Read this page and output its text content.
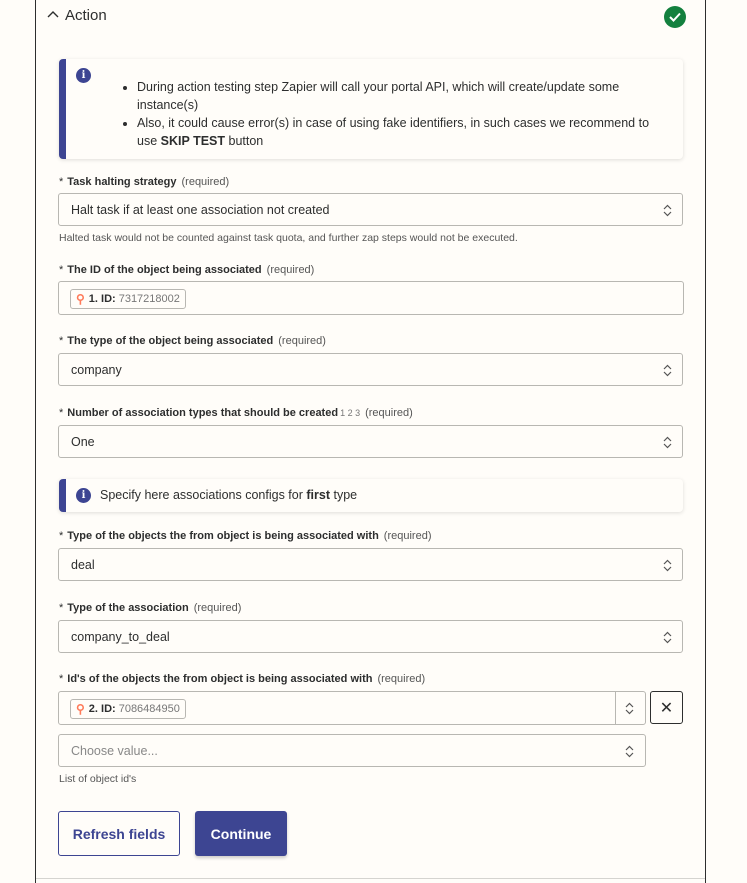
Action
i
• During action testing step Zapier will call your portal API, which will create/update some instance(s)
• Also, it could cause error(s) in case of using fake identifiers, in such cases we recommend to use SKIP TEST button
* Task halting strategy (required)
Halt task if at least one association not created
Halted task would not be counted against task quota, and further zap steps would not be executed.
* The ID of the object being associated (required)
⚲ 1. ID: 7317218002
* The type of the object being associated (required)
company
* Number of association types that should be created 1 2 3 (required)
One
i	Specify here associations configs for first type
* Type of the objects the from object is being associated with (required)
deal
* Type of the association (required)
company_to_deal
* Id's of the objects the from object is being associated with (required)
⚲ 2. ID: 7086484950	✕
Choose value...
List of object id's
Refresh fields	Continue
